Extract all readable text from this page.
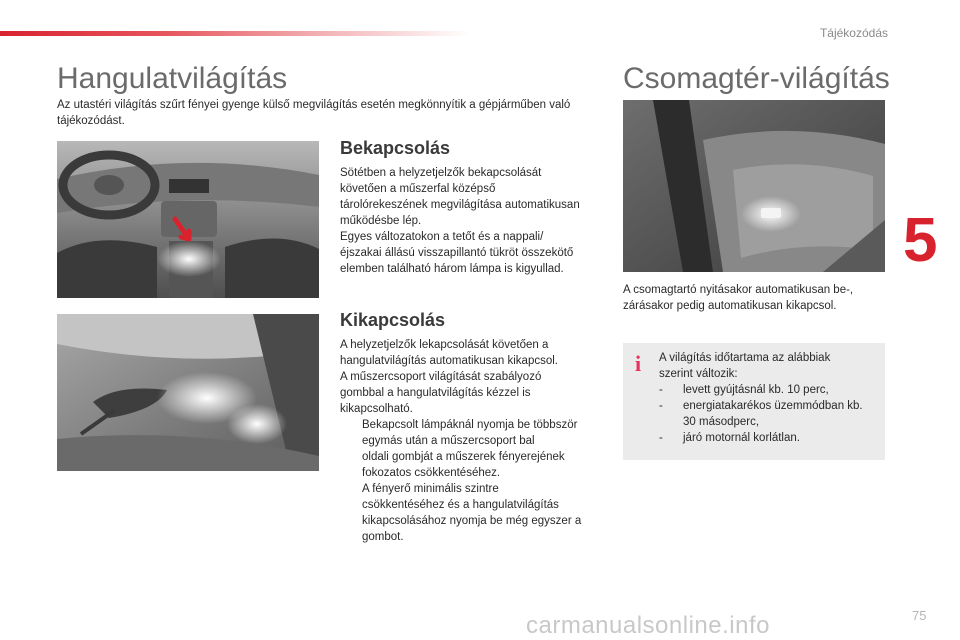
Tájékozódás
5
Hangulatvilágítás
Az utastéri világítás szűrt fényei gyenge külső megvilágítás esetén megkönnyítik a gépjárműben való tájékozódást.
Bekapcsolás
Sötétben a helyzetjelzők bekapcsolását
követően a műszerfal középső
tárolórekeszének megvilágítása automatikusan
működésbe lép.
Egyes változatokon a tetőt és a nappali/
éjszakai állású visszapillantó tükröt összekötő
elemben található három lámpa is kigyullad.
Kikapcsolás
A helyzetjelzők lekapcsolását követően a
hangulatvilágítás automatikusan kikapcsol.
A műszercsoport világítását szabályozó
gombbal a hangulatvilágítás kézzel is
kikapcsolható.
Bekapcsolt lámpáknál nyomja be többször
egymás után a műszercsoport bal
oldali gombját a műszerek fényerejének
fokozatos csökkentéséhez.
A fényerő minimális szintre
csökkentéséhez és a hangulatvilágítás
kikapcsolásához nyomja be még egyszer a
gombot.
Csomagtér-világítás
A csomagtartó nyitásakor automatikusan be-,
zárásakor pedig automatikusan kikapcsol.
i A világítás időtartama az alábbiak
szerint változik:
- levett gyújtásnál kb. 10 perc,
- energiatakarékos üzemmódban kb.
30 másodperc,
- járó motornál korlátlan.
carmanualsonline.info	75
